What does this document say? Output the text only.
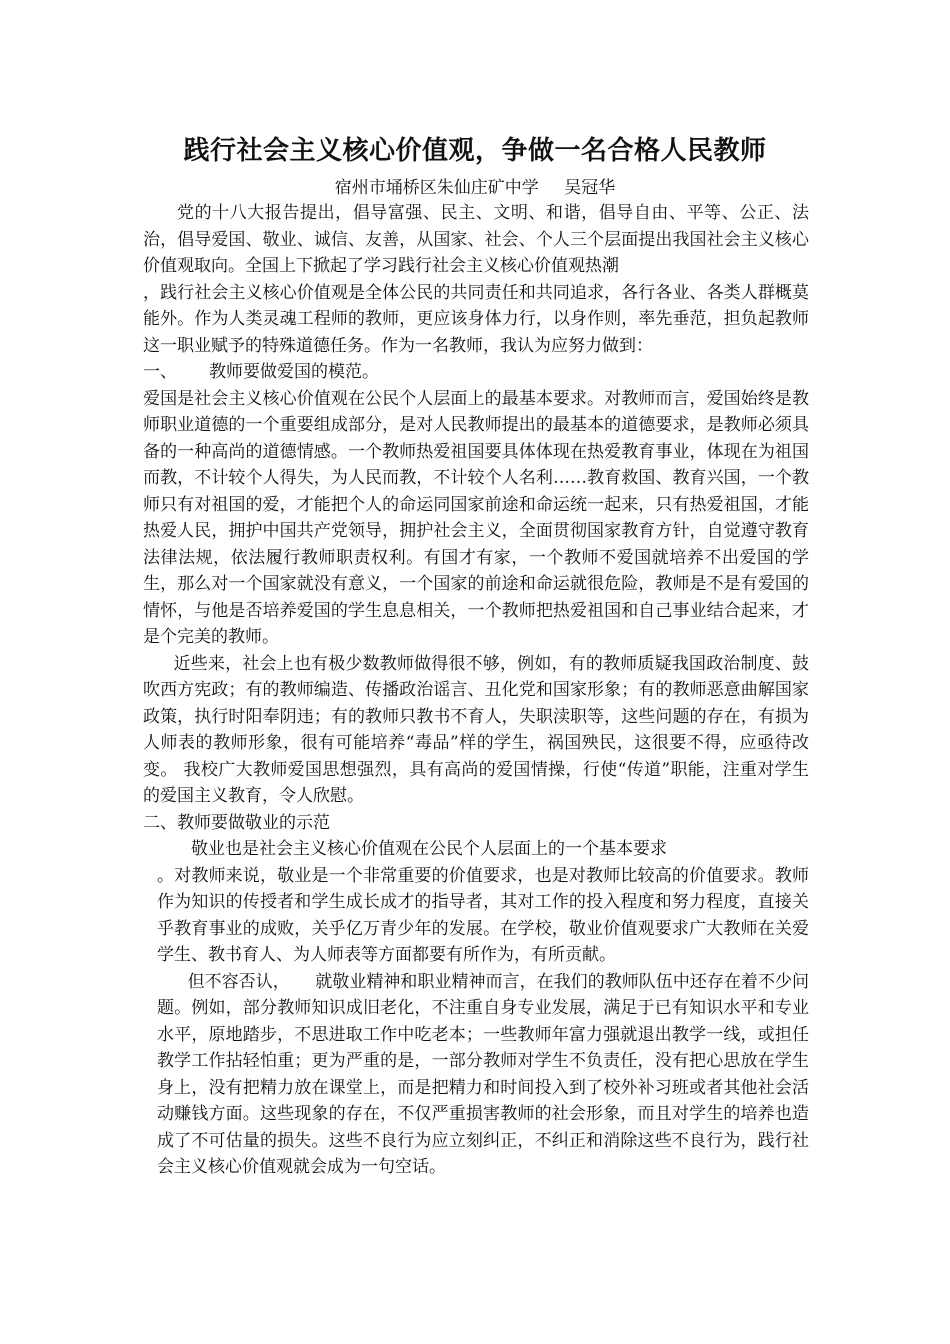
践行社会主义核心价值观，争做一名合格人民教师
宿州市埇桥区朱仙庄矿中学 吴冠华

党的十八大报告提出，倡导富强、民主、文明、和谐，倡导自由、平等、公正、法治，倡导爱国、敬业、诚信、友善，从国家、社会、个人三个层面提出我国社会主义核心价值观取向。全国上下掀起了学习践行社会主义核心价值观热潮

，践行社会主义核心价值观是全体公民的共同责任和共同追求，各行各业、各类人群概莫能外。作为人类灵魂工程师的教师，更应该身体力行，以身作则，率先垂范，担负起教师这一职业赋予的特殊道德任务。作为一名教师，我认为应努力做到：

一、 教师要做爱国的模范。

爱国是社会主义核心价值观在公民个人层面上的最基本要求。对教师而言，爱国始终是教师职业道德的一个重要组成部分，是对人民教师提出的最基本的道德要求，是教师必须具备的一种高尚的道德情感。一个教师热爱祖国要具体体现在热爱教育事业，体现在为祖国而教，不计较个人得失，为人民而教，不计较个人名利……教育救国、教育兴国，一个教师只有对祖国的爱，才能把个人的命运同国家前途和命运统一起来，只有热爱祖国，才能热爱人民，拥护中国共产党领导，拥护社会主义，全面贯彻国家教育方针，自觉遵守教育法律法规，依法履行教师职责权利。有国才有家，一个教师不爱国就培养不出爱国的学生，那么对一个国家就没有意义，一个国家的前途和命运就很危险，教师是不是有爱国的情怀，与他是否培养爱国的学生息息相关，一个教师把热爱祖国和自己事业结合起来，才是个完美的教师。

近些来，社会上也有极少数教师做得很不够，例如，有的教师质疑我国政治制度、鼓吹西方宪政；有的教师编造、传播政治谣言、丑化党和国家形象；有的教师恶意曲解国家政策，执行时阳奉阴违；有的教师只教书不育人，失职渎职等，这些问题的存在，有损为人师表的教师形象，很有可能培养“毒品”样的学生，祸国殃民，这很要不得，应亟待改变。 我校广大教师爱国思想强烈，具有高尚的爱国情操，行使“传道”职能，注重对学生的爱国主义教育，令人欣慰。

二、教师要做敬业的示范

敬业也是社会主义核心价值观在公民个人层面上的一个基本要求

。对教师来说，敬业是一个非常重要的价值要求，也是对教师比较高的价值要求。教师作为知识的传授者和学生成长成才的指导者，其对工作的投入程度和努力程度，直接关乎教育事业的成败，关乎亿万青少年的发展。在学校，敬业价值观要求广大教师在关爱学生、教书育人、为人师表等方面都要有所作为，有所贡献。

但不容否认， 就敬业精神和职业精神而言，在我们的教师队伍中还存在着不少问题。例如，部分教师知识成旧老化，不注重自身专业发展，满足于已有知识水平和专业水平，原地踏步，不思进取工作中吃老本；一些教师年富力强就退出教学一线，或担任教学工作拈轻怕重；更为严重的是，一部分教师对学生不负责任，没有把心思放在学生身上，没有把精力放在课堂上，而是把精力和时间投入到了校外补习班或者其他社会活动赚钱方面。这些现象的存在，不仅严重损害教师的社会形象，而且对学生的培养也造成了不可估量的损失。这些不良行为应立刻纠正，不纠正和消除这些不良行为，践行社会主义核心价值观就会成为一句空话。
